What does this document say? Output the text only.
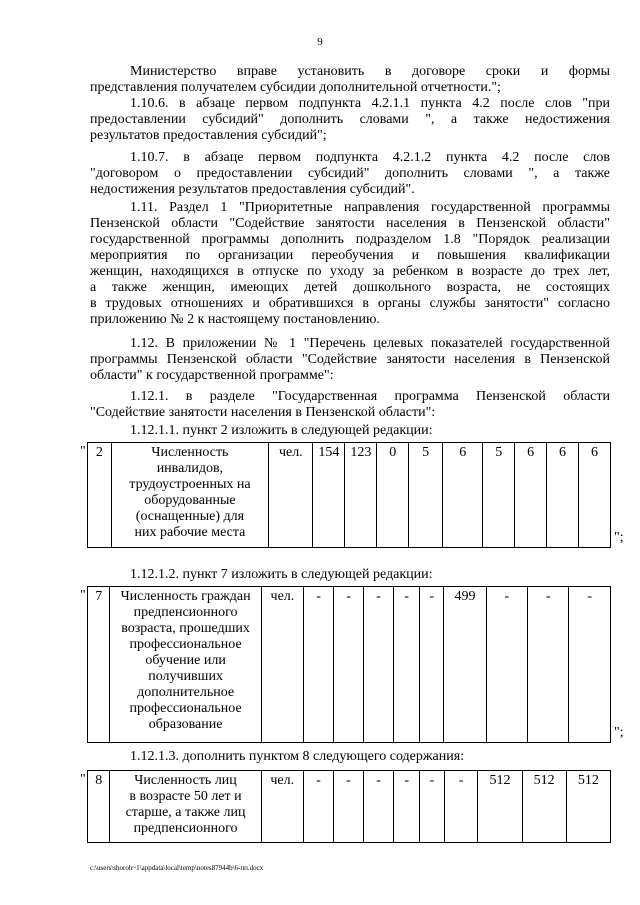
9
Министерство вправе установить в договоре сроки и формы
представления получателем субсидии дополнительной отчетности.";
1.10.6. в абзаце первом подпункта 4.2.1.1 пункта 4.2 после слов "при
предоставлении субсидий" дополнить словами ", а также недостижения
результатов предоставления субсидий";
1.10.7. в абзаце первом подпункта 4.2.1.2 пункта 4.2 после слов
"договором о предоставлении субсидий" дополнить словами ", а также
недостижения результатов предоставления субсидий".
1.11. Раздел 1 "Приоритетные направления государственной программы
Пензенской области "Содействие занятости населения в Пензенской области"
государственной программы дополнить подразделом 1.8 "Порядок реализации
мероприятия по организации переобучения и повышения квалификации
женщин, находящихся в отпуске по уходу за ребенком в возрасте до трех лет,
а также женщин, имеющих детей дошкольного возраста, не состоящих
в трудовых отношениях и обратившихся в органы службы занятости" согласно
приложению № 2 к настоящему постановлению.
1.12. В приложении № 1 "Перечень целевых показателей государственной
программы Пензенской области "Содействие занятости населения в Пензенской
области" к государственной программе":
1.12.1. в разделе "Государственная программа Пензенской области
"Содействие занятости населения в Пензенской области":
1.12.1.1. пункт 2 изложить в следующей редакции:
" 2	Численность
инвалидов,
трудоустроенных на
оборудованные
(оснащенные) для
них рабочие места
	чел.	154	123	0	5	6	5	6	6	6
";
1.12.1.2. пункт 7 изложить в следующей редакции:
" 7	Численность граждан
предпенсионного
возраста, прошедших
профессиональное
обучение или
получивших
дополнительное
профессиональное
образование
	чел.	-	-	-	-	-	499	-	-	-
";
1.12.1.3. дополнить пунктом 8 следующего содержания:
" 8	Численность лиц
в возрасте 50 лет и
старше, а также лиц
предпенсионного
	чел.	-	-	-	-	-	-	512	512	512
c:\users\shoroh~1\appdata\local\temp\notes87944b\6-пп.docx
